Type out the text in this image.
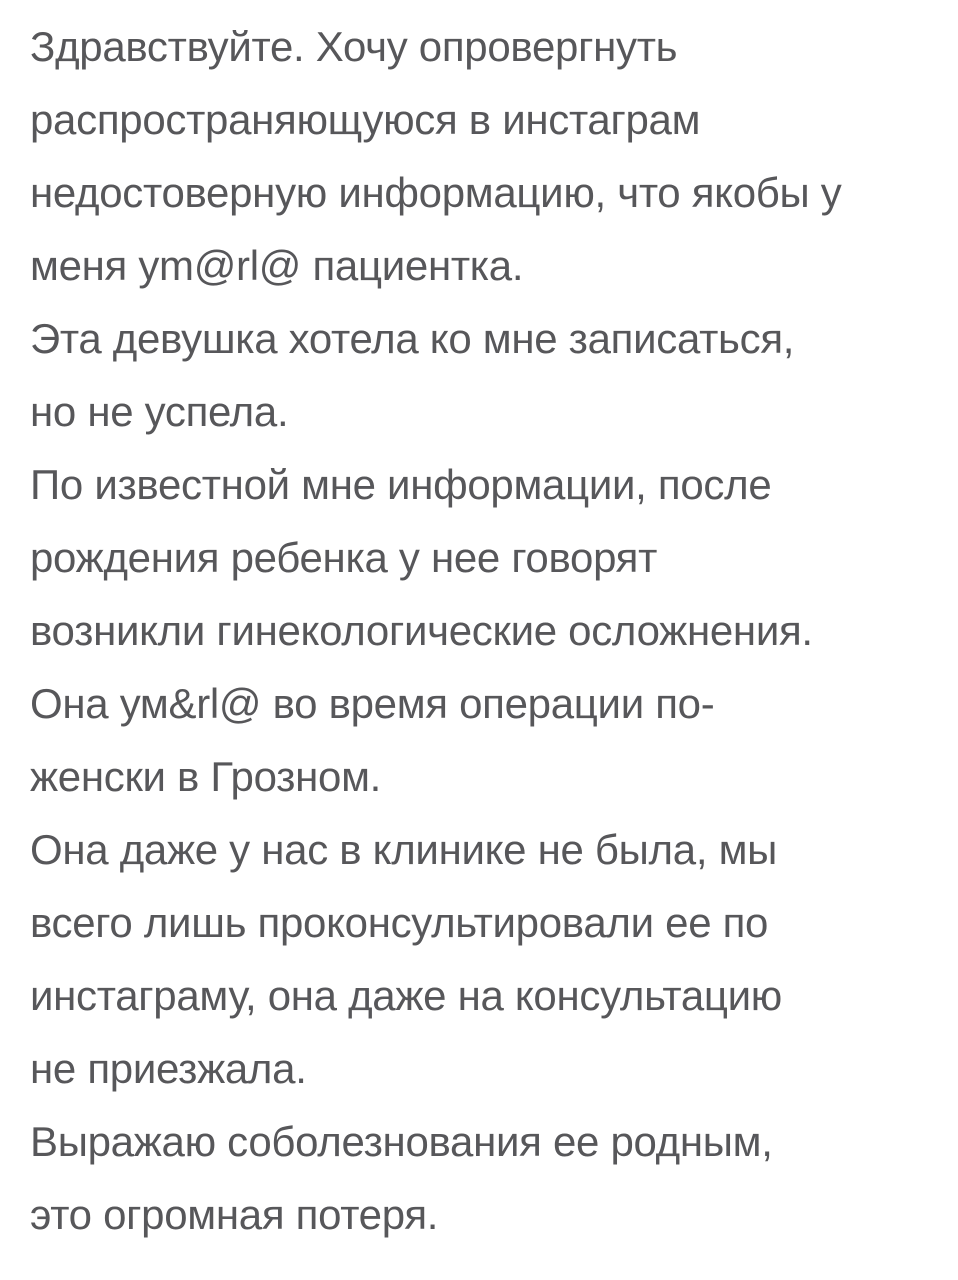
Здравствуйте. Хочу опровергнуть
распространяющуюся в инстаграм
недостоверную информацию, что якобы у
меня ym@rl@ пациентка.
Эта девушка хотела ко мне записаться,
но не успела.
По известной мне информации, после
рождения ребенка у нее говорят
возникли гинекологические осложнения.
Она ум&rl@ во время операции по-
женски в Грозном.
Она даже у нас в клинике не была, мы
всего лишь проконсультировали ее по
инстаграму, она даже на консультацию
не приезжала.
Выражаю соболезнования ее родным,
это огромная потеря.
